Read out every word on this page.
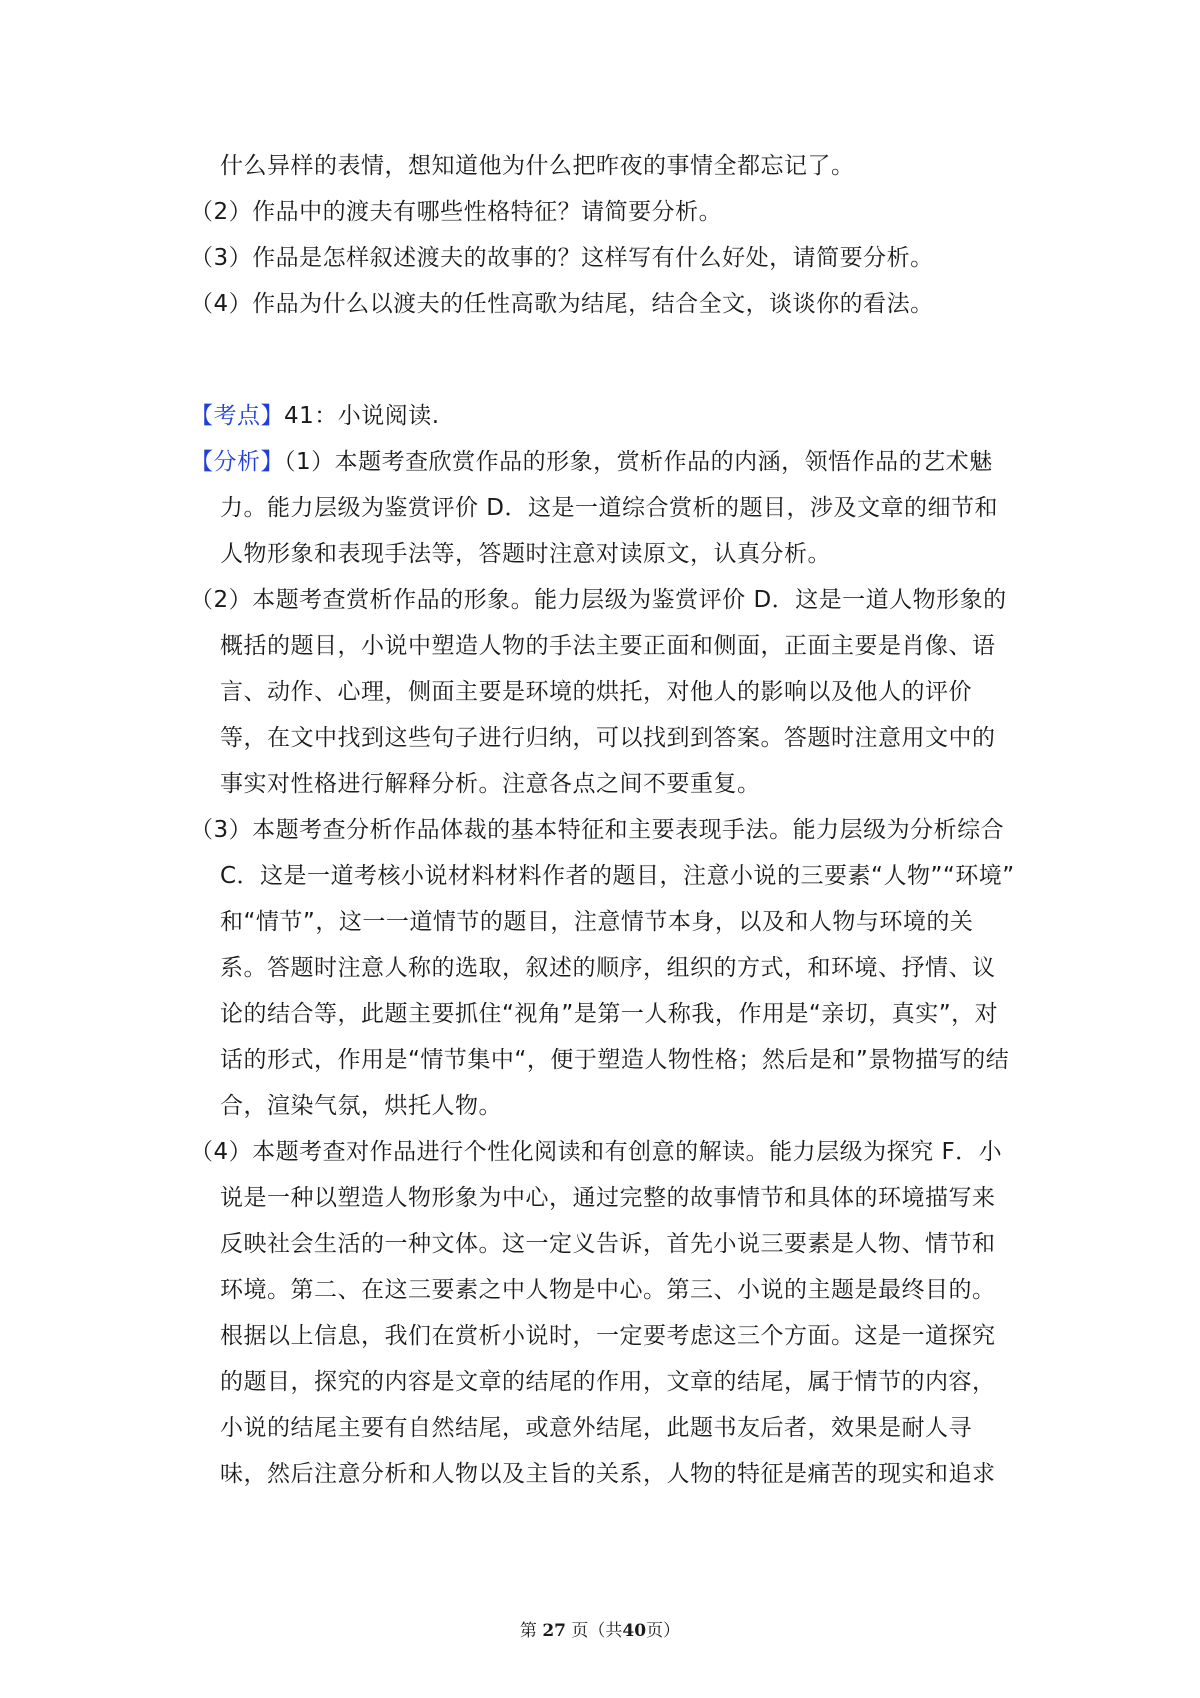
什么异样的表情，想知道他为什么把昨夜的事情全都忘记了。
（2）作品中的渡夫有哪些性格特征？请简要分析。
（3）作品是怎样叙述渡夫的故事的？这样写有什么好处，请简要分析。
（4）作品为什么以渡夫的任性高歌为结尾，结合全文，谈谈你的看法。
【考点】41：小说阅读.
【分析】（1）本题考查欣赏作品的形象，赏析作品的内涵，领悟作品的艺术魅
力。能力层级为鉴赏评价 D．这是一道综合赏析的题目，涉及文章的细节和
人物形象和表现手法等，答题时注意对读原文，认真分析。
（2）本题考查赏析作品的形象。能力层级为鉴赏评价 D．这是一道人物形象的
概括的题目，小说中塑造人物的手法主要正面和侧面，正面主要是肖像、语
言、动作、心理，侧面主要是环境的烘托，对他人的影响以及他人的评价
等，在文中找到这些句子进行归纳，可以找到到答案。答题时注意用文中的
事实对性格进行解释分析。注意各点之间不要重复。
（3）本题考查分析作品体裁的基本特征和主要表现手法。能力层级为分析综合
C．这是一道考核小说材料材料作者的题目，注意小说的三要素“人物”“环境”
和“情节”，这一一道情节的题目，注意情节本身，以及和人物与环境的关
系。答题时注意人称的选取，叙述的顺序，组织的方式，和环境、抒情、议
论的结合等，此题主要抓住“视角”是第一人称我，作用是“亲切，真实”，对
话的形式，作用是“情节集中“，便于塑造人物性格；然后是和”景物描写的结
合，渲染气氛，烘托人物。
（4）本题考查对作品进行个性化阅读和有创意的解读。能力层级为探究 F．小
说是一种以塑造人物形象为中心，通过完整的故事情节和具体的环境描写来
反映社会生活的一种文体。这一定义告诉，首先小说三要素是人物、情节和
环境。第二、在这三要素之中人物是中心。第三、小说的主题是最终目的。
根据以上信息，我们在赏析小说时，一定要考虑这三个方面。这是一道探究
的题目，探究的内容是文章的结尾的作用，文章的结尾，属于情节的内容，
小说的结尾主要有自然结尾，或意外结尾，此题书友后者，效果是耐人寻
味，然后注意分析和人物以及主旨的关系，人物的特征是痛苦的现实和追求
第 27 页（共40页）
